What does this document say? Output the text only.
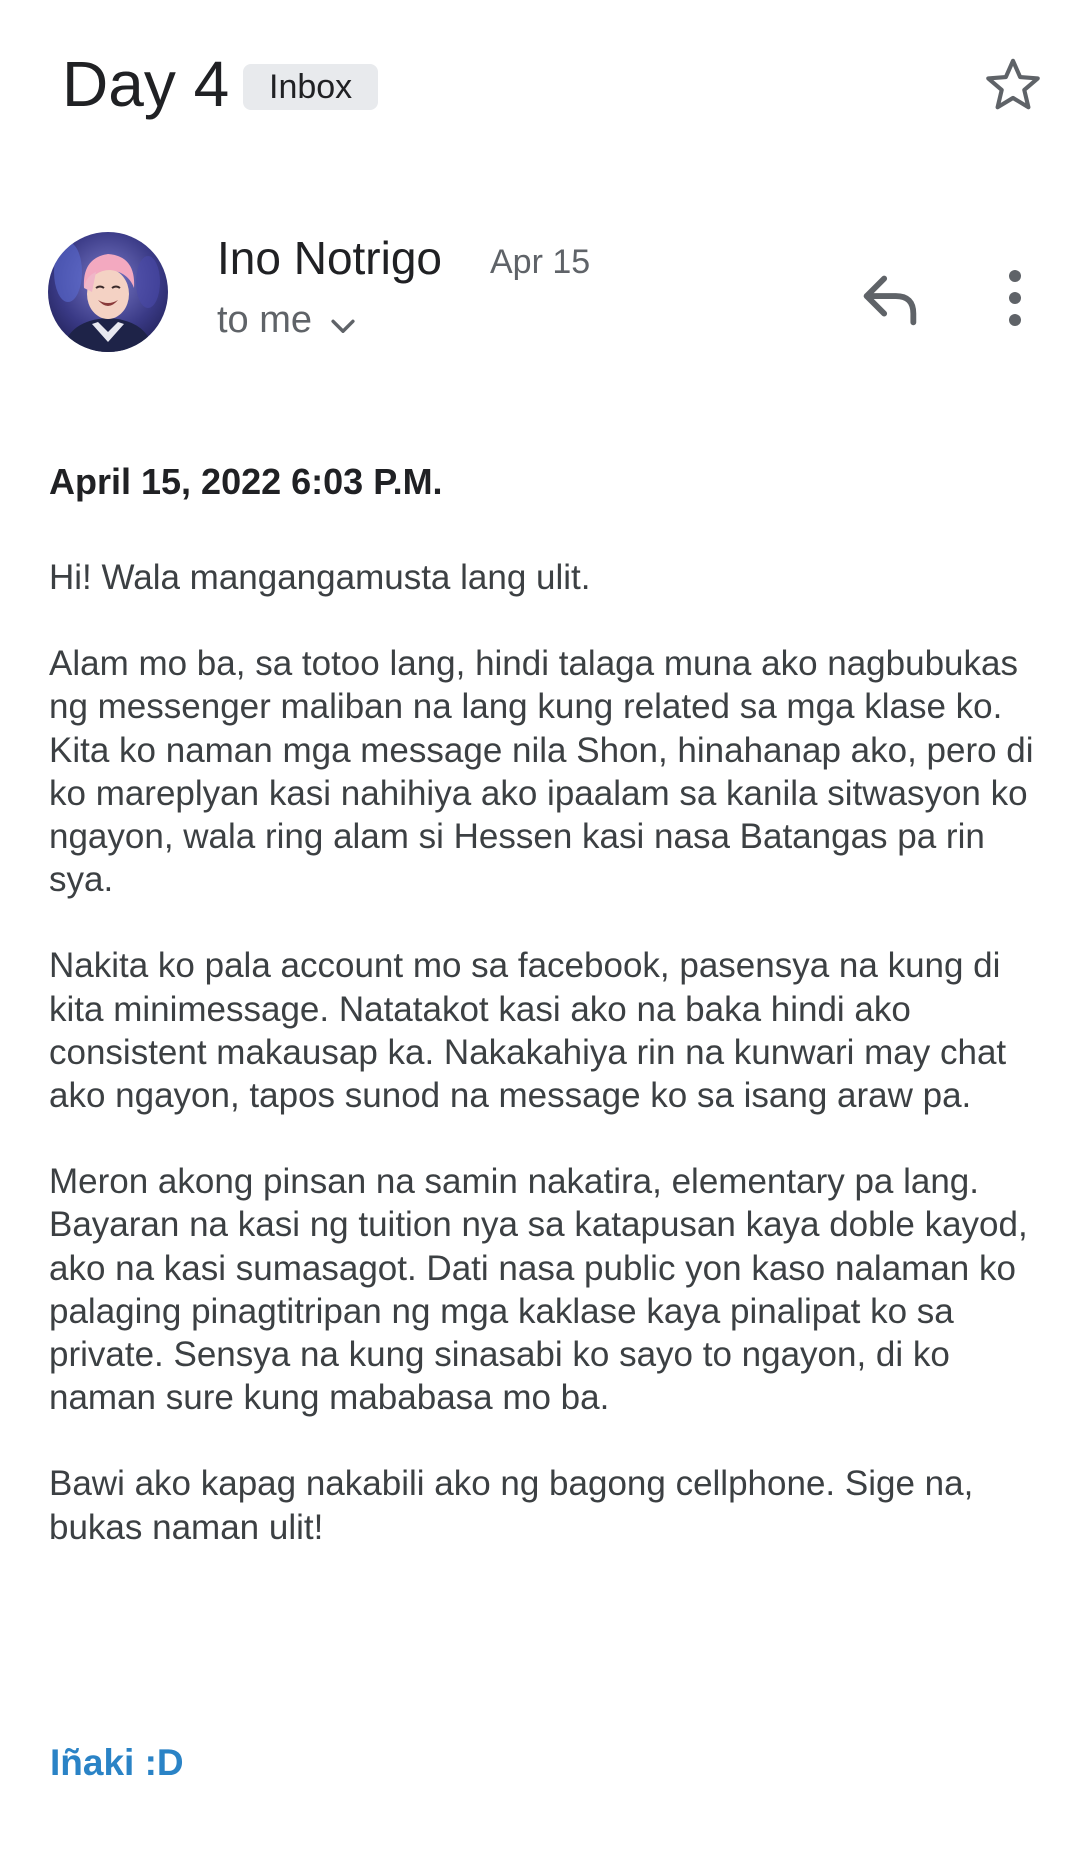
Day 4	Inbox
Ino Notrigo Apr 15
to me
April 15, 2022 6:03 P.M.

Hi! Wala mangangamusta lang ulit.

Alam mo ba, sa totoo lang, hindi talaga muna ako nagbubukas ng messenger maliban na lang kung related sa mga klase ko. Kita ko naman mga message nila Shon, hinahanap ako, pero di ko mareplyan kasi nahihiya ako ipaalam sa kanila sitwasyon ko ngayon, wala ring alam si Hessen kasi nasa Batangas pa rin sya.

Nakita ko pala account mo sa facebook, pasensya na kung di kita minimessage. Natatakot kasi ako na baka hindi ako consistent makausap ka. Nakakahiya rin na kunwari may chat ako ngayon, tapos sunod na message ko sa isang araw pa.

Meron akong pinsan na samin nakatira, elementary pa lang. Bayaran na kasi ng tuition nya sa katapusan kaya doble kayod, ako na kasi sumasagot. Dati nasa public yon kaso nalaman ko palaging pinagtitripan ng mga kaklase kaya pinalipat ko sa private. Sensya na kung sinasabi ko sayo to ngayon, di ko naman sure kung mababasa mo ba.

Bawi ako kapag nakabili ako ng bagong cellphone. Sige na, bukas naman ulit!

Iñaki :D
